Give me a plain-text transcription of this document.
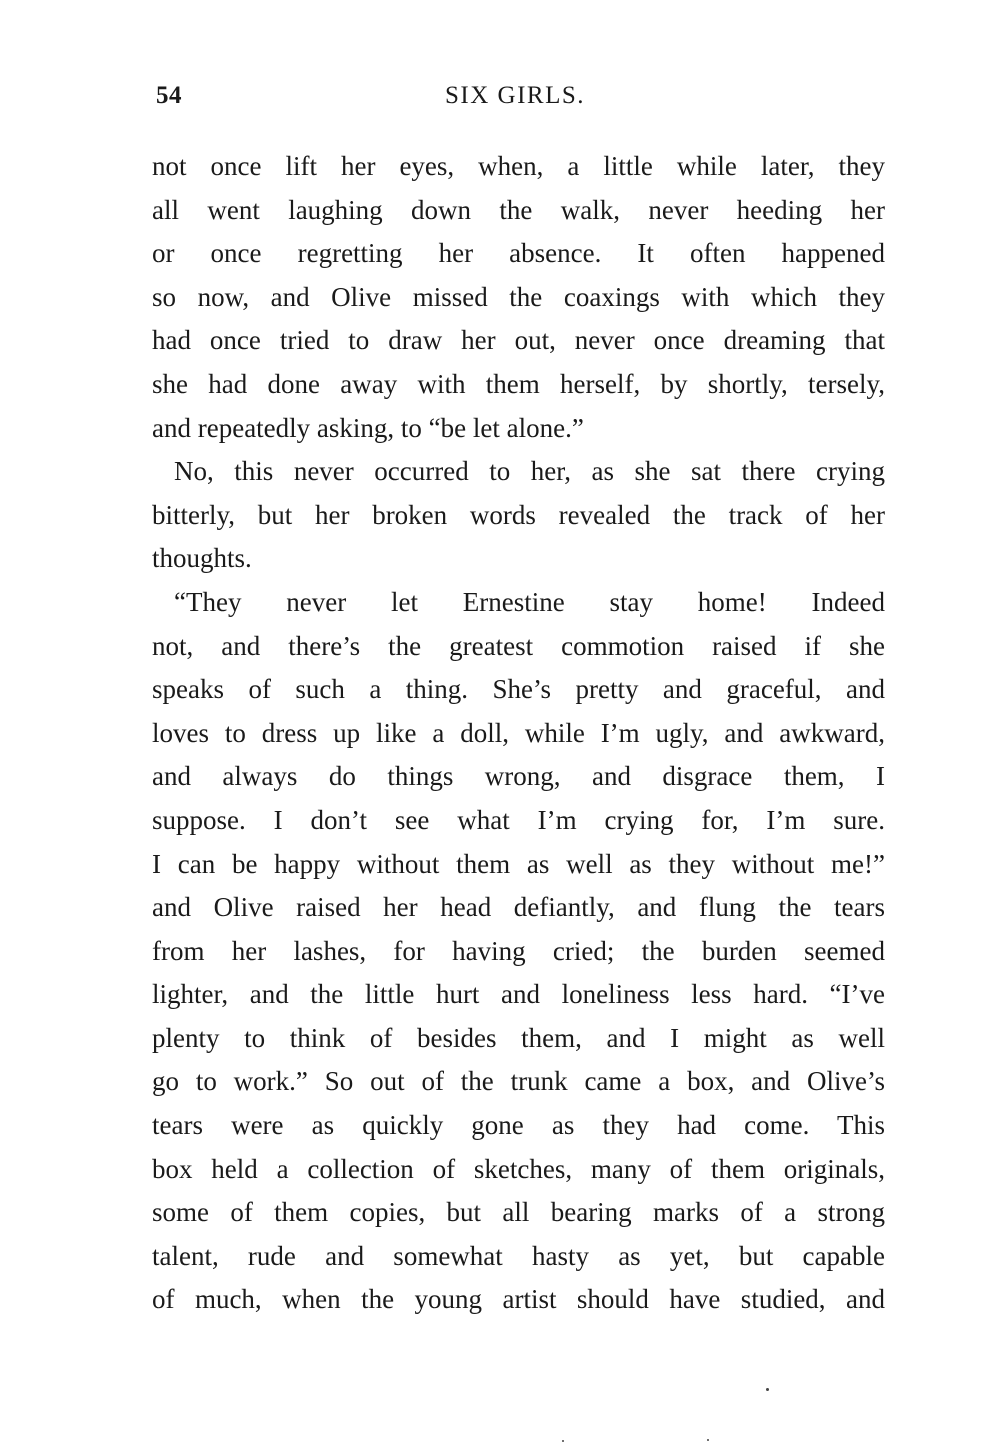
54	SIX GIRLS.
not once lift her eyes, when, a little while later, they
all went laughing down the walk, never heeding her
or once regretting her absence. It often happened
so now, and Olive missed the coaxings with which they
had once tried to draw her out, never once dreaming that
she had done away with them herself, by shortly, tersely,
and repeatedly asking, to “be let alone.”
No, this never occurred to her, as she sat there crying
bitterly, but her broken words revealed the track of her
thoughts.
“They never let Ernestine stay home! Indeed
not, and there’s the greatest commotion raised if she
speaks of such a thing. She’s pretty and graceful, and
loves to dress up like a doll, while I’m ugly, and awkward,
and always do things wrong, and disgrace them, I
suppose. I don’t see what I’m crying for, I’m sure.
I can be happy without them as well as they without me!”
and Olive raised her head defiantly, and flung the tears
from her lashes, for having cried; the burden seemed
lighter, and the little hurt and loneliness less hard. “I’ve
plenty to think of besides them, and I might as well
go to work.” So out of the trunk came a box, and Olive’s
tears were as quickly gone as they had come. This
box held a collection of sketches, many of them originals,
some of them copies, but all bearing marks of a strong
talent, rude and somewhat hasty as yet, but capable
of much, when the young artist should have studied, and
